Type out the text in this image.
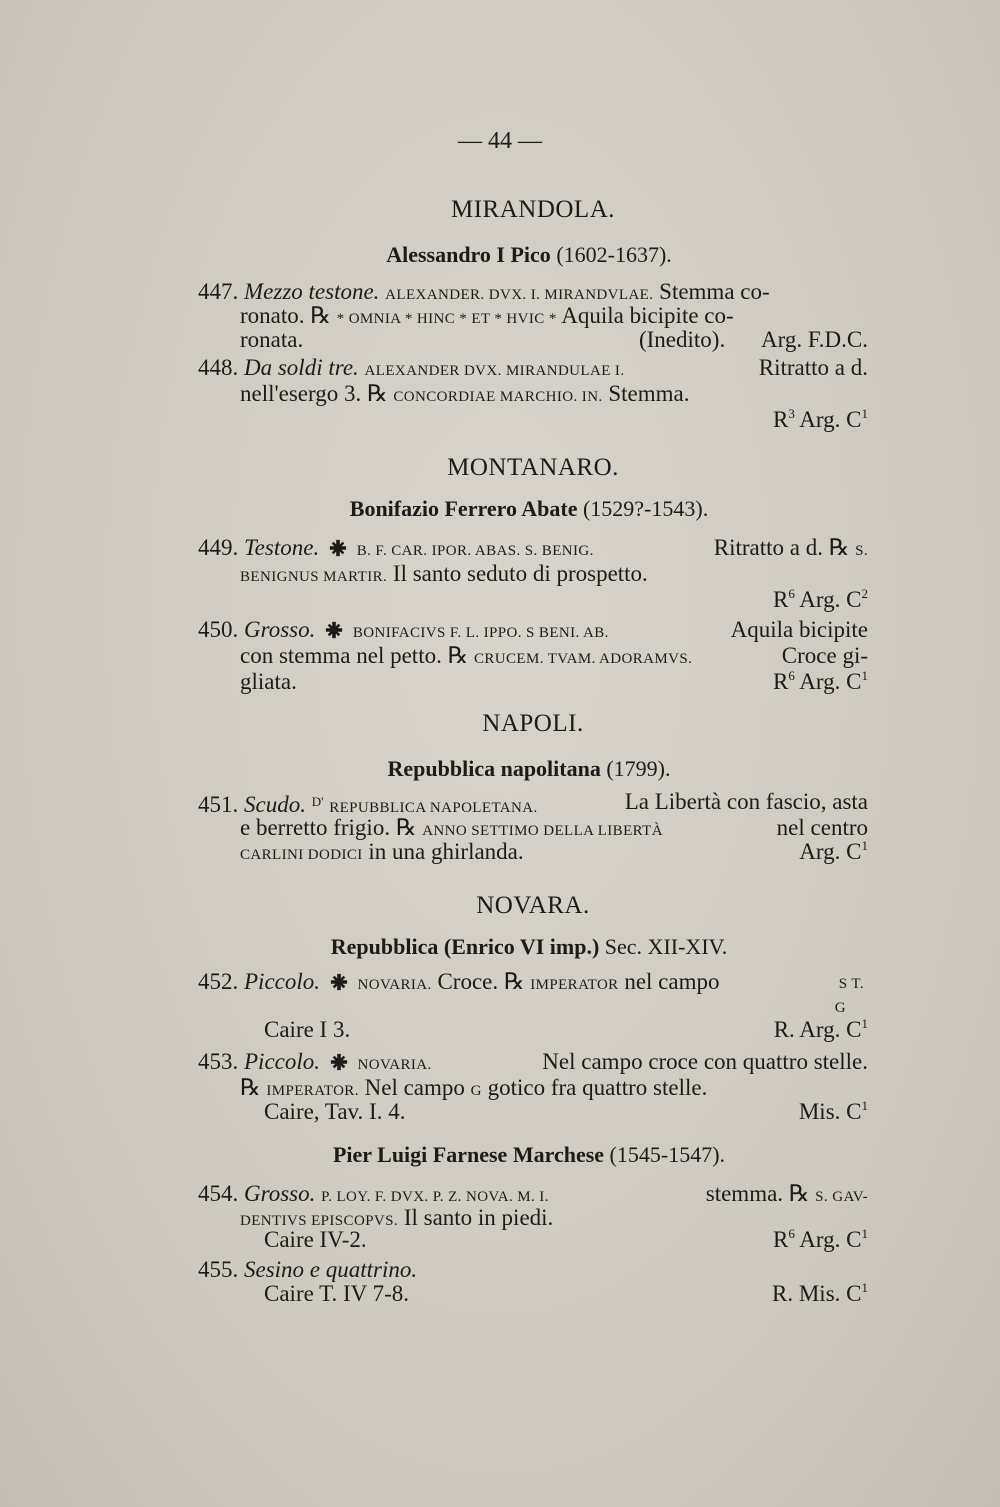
— 44 —
MIRANDOLA.
Alessandro I Pico (1602-1637).
447. Mezzo testone. ALEXANDER. DVX. I. MIRANDVLAE. Stemma co-
ronato. ℞ * OMNIA * HINC * ET * HVIC * Aquila bicipite co-
ronata.	(Inedito). Arg. F.D.C.
448. Da soldi tre. ALEXANDER DVX. MIRANDULAE I.	Ritratto a d.
nell'esergo 3. ℞ CONCORDIAE MARCHIO. IN. Stemma.
$R^3$ Arg. $C^1$
MONTANARO.
Bonifazio Ferrero Abate (1529?-1543).
449. Testone.	B. F. CAR. IPOR. ABAS. S. BENIG.	Ritratto a d. ℞ S.
BENIGNUS MARTIR. Il santo seduto di prospetto.
$R^6$ Arg. $C^2$
450. Grosso.	BONIFACIVS F. L. IPPO. S BENI. AB.	Aquila bicipite
con stemma nel petto. ℞ CRUCEM. TVAM. ADORAMVS.	Croce gi-
gliata.	$R^6$ Arg. $C^1$
NAPOLI.
Repubblica napolitana (1799).
451. Scudo. $^{D'}$ REPUBBLICA NAPOLETANA.	La Libertà con fascio, asta
e berretto frigio. ℞ ANNO SETTIMO DELLA LIBERTÀ	nel centro
CARLINI DODICI in una ghirlanda.	Arg. $C^1$
NOVARA.
Repubblica (Enrico VI imp.) Sec. XII-XIV.
452. Piccolo.	NOVARIA. Croce. ℞ IMPERATOR nel campo	S T.
G
Caire I 3.	R. Arg. $C^1$
453. Piccolo.	NOVARIA.	Nel campo croce con quattro stelle.
℞ IMPERATOR. Nel campo G gotico fra quattro stelle.
Caire, Tav. I. 4.	Mis. $C^1$
Pier Luigi Farnese Marchese (1545-1547).
454. Grosso. P. LOY. F. DVX. P. Z. NOVA. M. I.	stemma. ℞ S. GAV-
DENTIVS EPISCOPVS. Il santo in piedi.
Caire IV-2.	$R^6$ Arg. $C^1$
455. Sesino e quattrino.
Caire T. IV 7-8.	R. Mis. $C^1$
